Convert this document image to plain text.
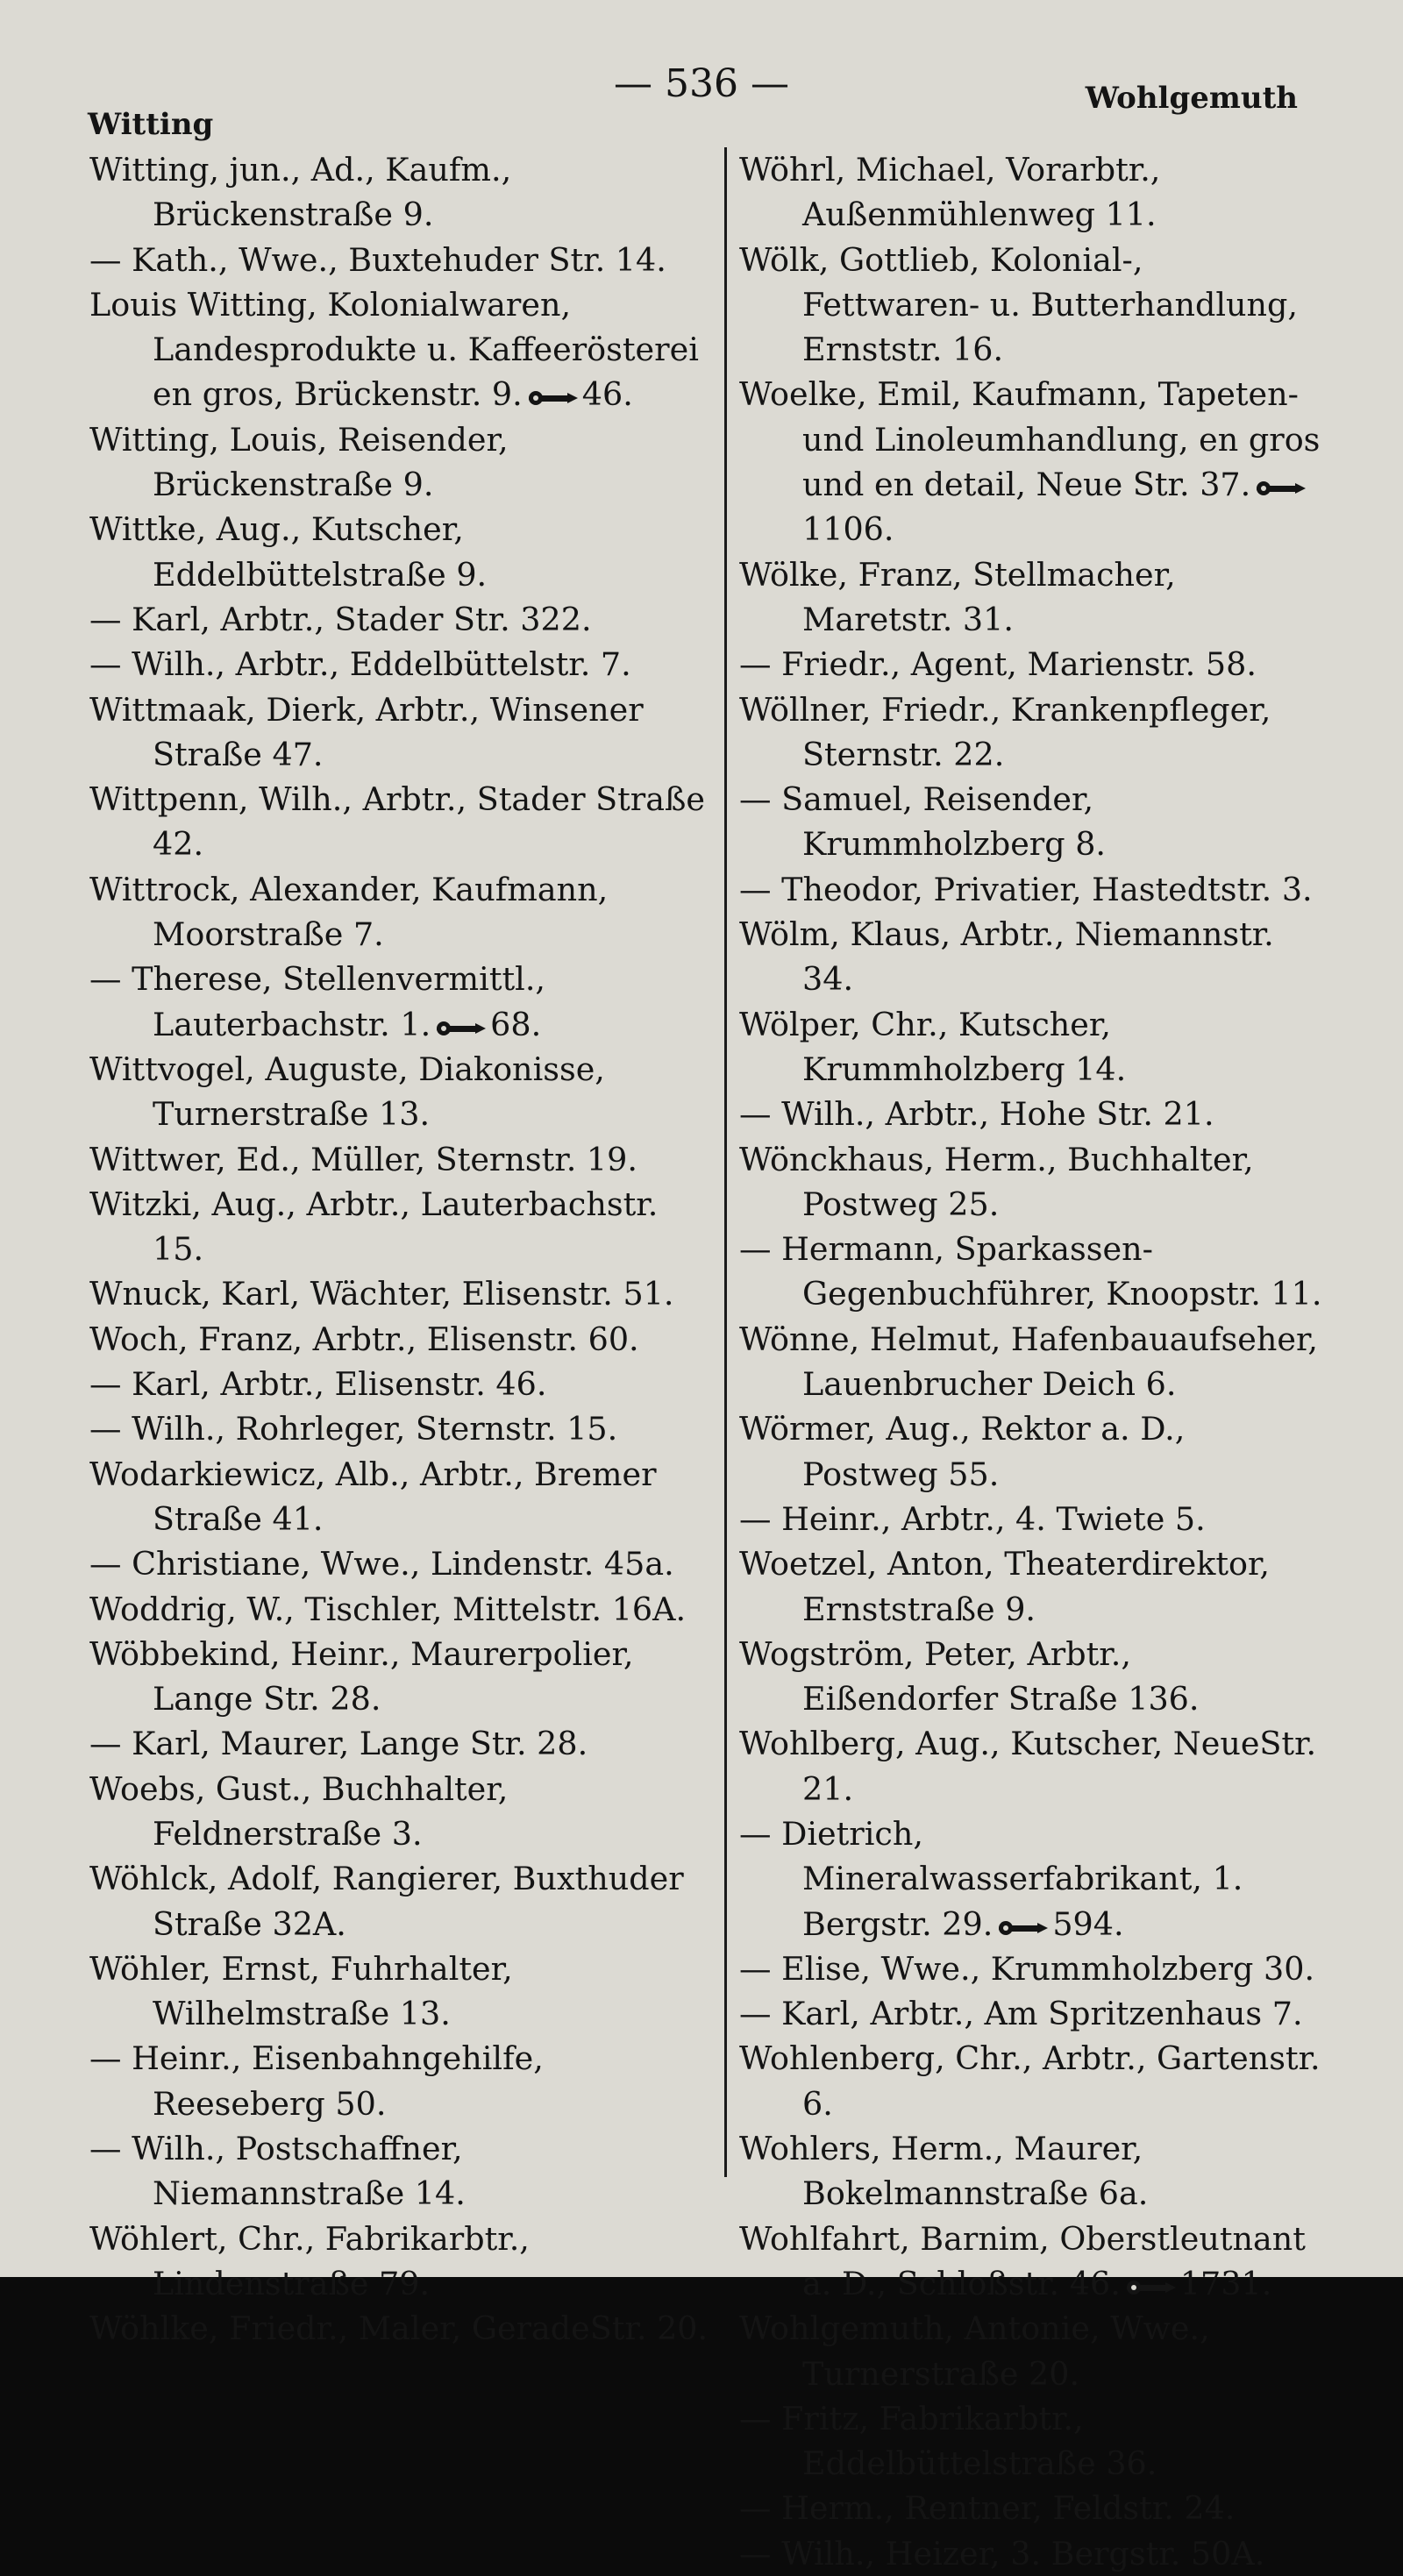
Witting
— 536 —	Wohlgemuth
Witting, jun., Ad., Kaufm., Brückenstraße 9.
— Kath., Wwe., Buxtehuder Str. 14.
Louis Witting, Kolonialwaren, Landesprodukte u. Kaffeerösterei en gros, Brückenstr. 9. 46.
Witting, Louis, Reisender, Brückenstraße 9.
Wittke, Aug., Kutscher, Eddelbüttelstraße 9.
— Karl, Arbtr., Stader Str. 322.
— Wilh., Arbtr., Eddelbüttelstr. 7.
Wittmaak, Dierk, Arbtr., Winsener Straße 47.
Wittpenn, Wilh., Arbtr., Stader Straße 42.
Wittrock, Alexander, Kaufmann, Moorstraße 7.
— Therese, Stellenvermittl., Lauterbachstr. 1. 68.
Wittvogel, Auguste, Diakonisse, Turnerstraße 13.
Wittwer, Ed., Müller, Sternstr. 19.
Witzki, Aug., Arbtr., Lauterbachstr. 15.
Wnuck, Karl, Wächter, Elisenstr. 51.
Woch, Franz, Arbtr., Elisenstr. 60.
— Karl, Arbtr., Elisenstr. 46.
— Wilh., Rohrleger, Sternstr. 15.
Wodarkiewicz, Alb., Arbtr., Bremer Straße 41.
— Christiane, Wwe., Lindenstr. 45a.
Woddrig, W., Tischler, Mittelstr. 16A.
Wöbbekind, Heinr., Maurerpolier, Lange Str. 28.
— Karl, Maurer, Lange Str. 28.
Woebs, Gust., Buchhalter, Feldnerstraße 3.
Wöhlck, Adolf, Rangierer, Buxthuder Straße 32A.
Wöhler, Ernst, Fuhrhalter, Wilhelmstraße 13.
— Heinr., Eisenbahngehilfe, Reeseberg 50.
— Wilh., Postschaffner, Niemannstraße 14.
Wöhlert, Chr., Fabrikarbtr., Lindenstraße 79.
Wöhlke, Friedr., Maler, GeradeStr. 20.
Wöhrl, Michael, Vorarbtr., Außenmühlenweg 11.
Wölk, Gottlieb, Kolonial-, Fettwaren- u. Butterhandlung, Ernststr. 16.
Woelke, Emil, Kaufmann, Tapeten- und Linoleumhandlung, en gros und en detail, Neue Str. 37.
1106.
Wölke, Franz, Stellmacher, Maretstr. 31.
— Friedr., Agent, Marienstr. 58.
Wöllner, Friedr., Krankenpfleger, Sternstr. 22.
— Samuel, Reisender, Krummholzberg 8.
— Theodor, Privatier, Hastedtstr. 3.
Wölm, Klaus, Arbtr., Niemannstr. 34.
Wölper, Chr., Kutscher, Krummholzberg 14.
— Wilh., Arbtr., Hohe Str. 21.
Wönckhaus, Herm., Buchhalter, Postweg 25.
— Hermann, Sparkassen-Gegenbuchführer, Knoopstr. 11.
Wönne, Helmut, Hafenbauaufseher, Lauenbrucher Deich 6.
Wörmer, Aug., Rektor a. D., Postweg 55.
— Heinr., Arbtr., 4. Twiete 5.
Woetzel, Anton, Theaterdirektor, Ernststraße 9.
Wogström, Peter, Arbtr., Eißendorfer Straße 136.
Wohlberg, Aug., Kutscher, NeueStr. 21.
— Dietrich, Mineralwasserfabrikant, 1. Bergstr. 29. 594.
— Elise, Wwe., Krummholzberg 30.
— Karl, Arbtr., Am Spritzenhaus 7.
Wohlenberg, Chr., Arbtr., Gartenstr. 6.
Wohlers, Herm., Maurer, Bokelmannstraße 6a.
Wohlfahrt, Barnim, Oberstleutnant a. D., Schloßstr. 46. 1731.
Wohlgemuth, Antonie, Wwe., Turnerstraße 20.
— Fritz, Fabrikarbtr., Eddelbüttelstraße 36.
— Herm., Rentner, Feldstr. 24.
— Wilh., Heizer, 3. Bergstr. 50A.
